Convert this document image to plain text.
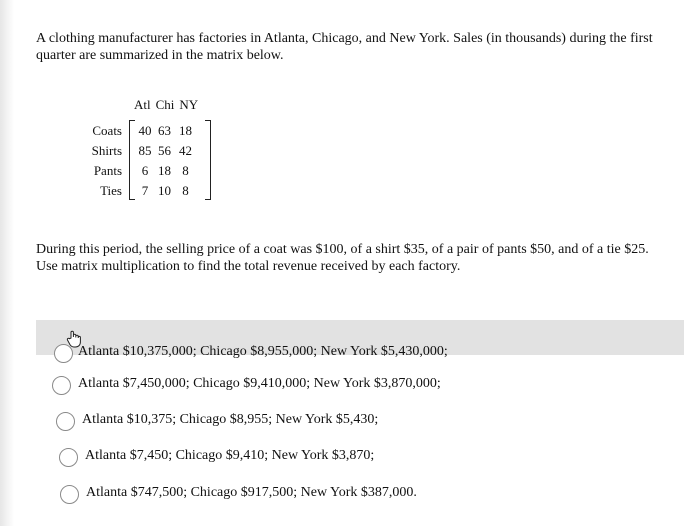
A clothing manufacturer has factories in Atlanta, Chicago, and New York. Sales (in thousands) during the first quarter are summarized in the matrix below.
Atl Chi NY
Coats
Shirts
Pants
Ties
40 63 18
85 56 42
6 18 8
7 10 8
During this period, the selling price of a coat was $100, of a shirt $35, of a pair of pants $50, and of a tie $25. Use matrix multiplication to find the total revenue received by each factory.
Atlanta $10,375,000; Chicago $8,955,000; New York $5,430,000;
Atlanta $7,450,000; Chicago $9,410,000; New York $3,870,000;
Atlanta $10,375; Chicago $8,955; New York $5,430;
Atlanta $7,450; Chicago $9,410; New York $3,870;
Atlanta $747,500; Chicago $917,500; New York $387,000.
